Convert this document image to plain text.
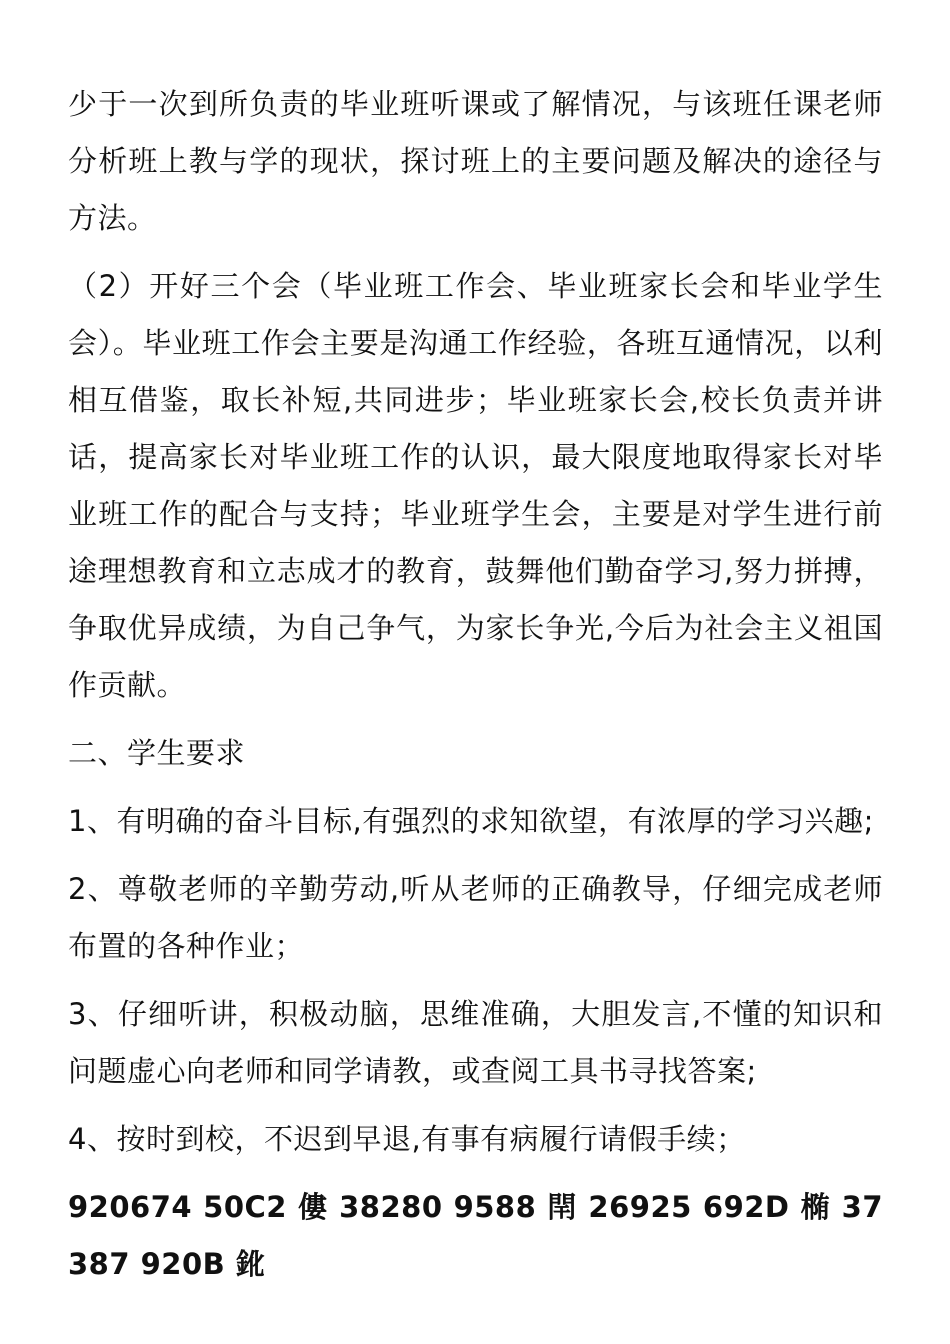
少于一次到所负责的毕业班听课或了解情况，与该班任课老师分析班上教与学的现状，探讨班上的主要问题及解决的途径与方法。

（2）开好三个会（毕业班工作会、毕业班家长会和毕业学生会）。毕业班工作会主要是沟通工作经验，各班互通情况，以利相互借鉴，取长补短,共同进步；毕业班家长会,校长负责并讲话，提高家长对毕业班工作的认识，最大限度地取得家长对毕业班工作的配合与支持；毕业班学生会，主要是对学生进行前途理想教育和立志成才的教育，鼓舞他们勤奋学习,努力拼搏，争取优异成绩，为自己争气，为家长争光,今后为社会主义祖国作贡献。

二、学生要求

1、有明确的奋斗目标,有强烈的求知欲望，有浓厚的学习兴趣;

2、尊敬老师的辛勤劳动,听从老师的正确教导，仔细完成老师布置的各种作业；

3、仔细听讲，积极动脑，思维准确，大胆发言,不懂的知识和问题虚心向老师和同学请教，或查阅工具书寻找答案;

4、按时到校，不迟到早退,有事有病履行请假手续；

920674 50C2 僂 38280 9588 閈 26925 692D 椭 37387 920B 鈋
